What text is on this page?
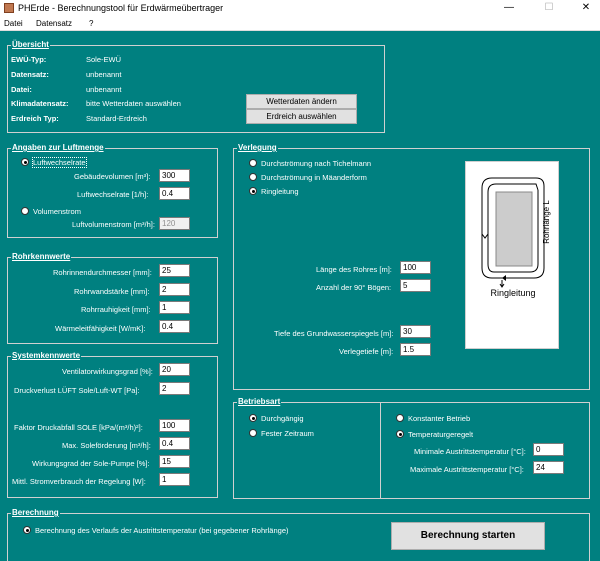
PHErde - Berechnungstool für Erdwärmeübertrager	—	☐	✕
Datei Datensatz ?
Übersicht
EWÜ-Typ:	Sole-EWÜ
Datensatz:	unbenannt
Datei:	unbenannt
Klimadatensatz: bitte Wetterdaten auswählen
Erdreich Typ:	Standard-Erdreich
Wetterdaten ändern
Erdreich auswählen
Angaben zur Luftmenge
Luftwechselrate
Gebäudevolumen [m³]:	300
Luftwechselrate [1/h]:	0.4
Volumenstrom
Luftvolumenstrom [m³/h]: 120
Rohrkennwerte
Rohrinnendurchmesser [mm]:	25
Rohrwandstärke [mm]:	2
Rohrrauhigkeit [mm]:	1
Wärmeleitfähigkeit [W/mK]:	0.4
Systemkennwerte
Ventilatorwirkungsgrad [%]:	20
Druckverlust LÜFT Sole/Luft-WT [Pa]:	2
Faktor Druckabfall SOLE [kPa/(m³/h)²]:	100
Max. Soleförderung [m³/h]:	0.4
Wirkungsgrad der Sole-Pumpe [%]:	15
Mittl. Stromverbrauch der Regelung [W]:	1
Verlegung
Durchströmung nach Tichelmann
Durchströmung in Mäanderform
Ringleitung
Länge des Rohres [m]:	100
Anzahl der 90° Bögen:	5
Tiefe des Grundwasserspiegels [m]:	30
Verlegetiefe [m]:	1.5
Rohrlänge L
Ringleitung
Betriebsart
Durchgängig
Fester Zeitraum
Konstanter Betrieb
Temperaturgeregelt
Minimale Austrittstemperatur [°C]:	0
Maximale Austrittstemperatur [°C]:	24
Berechnung
Berechnung des Verlaufs der Austrittstemperatur (bei gegebener Rohrlänge)	Berechnung starten
